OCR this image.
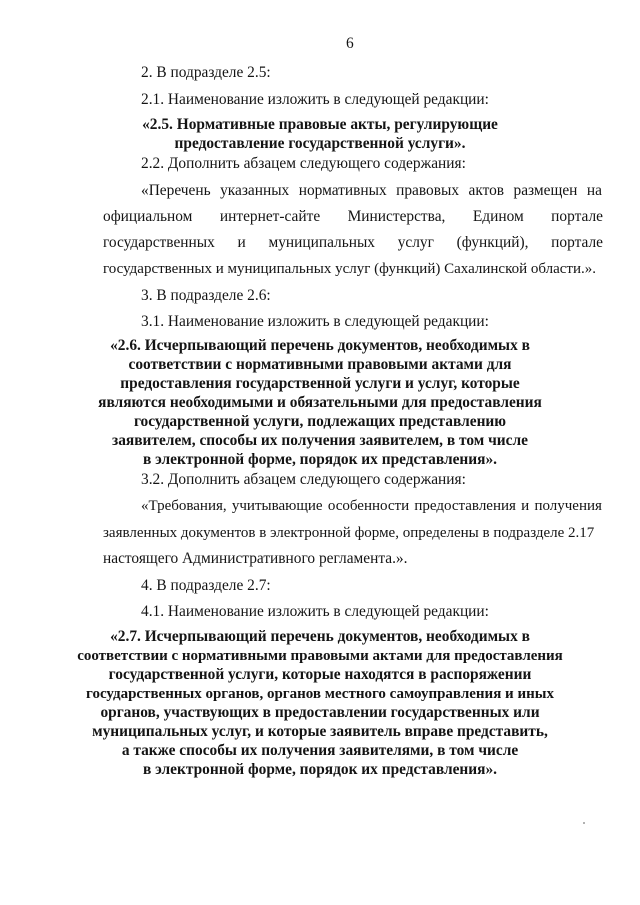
6
2. В подразделе 2.5:
2.1. Наименование изложить в следующей редакции:
«2.5. Нормативные правовые акты, регулирующие
предоставление государственной услуги».
2.2. Дополнить абзацем следующего содержания:
«Перечень указанных нормативных правовых актов размещен на
официальном интернет-сайте Министерства, Едином портале
государственных и муниципальных услуг (функций), портале
государственных и муниципальных услуг (функций) Сахалинской области.».
3. В подразделе 2.6:
3.1. Наименование изложить в следующей редакции:
«2.6. Исчерпывающий перечень документов, необходимых в
соответствии с нормативными правовыми актами для
предоставления государственной услуги и услуг, которые
являются необходимыми и обязательными для предоставления
государственной услуги, подлежащих представлению
заявителем, способы их получения заявителем, в том числе
в электронной форме, порядок их представления».
3.2. Дополнить абзацем следующего содержания:
«Требования, учитывающие особенности предоставления и получения
заявленных документов в электронной форме, определены в подразделе 2.17
настоящего Административного регламента.».
4. В подразделе 2.7:
4.1. Наименование изложить в следующей редакции:
«2.7. Исчерпывающий перечень документов, необходимых в
соответствии с нормативными правовыми актами для предоставления
государственной услуги, которые находятся в распоряжении
государственных органов, органов местного самоуправления и иных
органов, участвующих в предоставлении государственных или
муниципальных услуг, и которые заявитель вправе представить,
а также способы их получения заявителями, в том числе
в электронной форме, порядок их представления».
